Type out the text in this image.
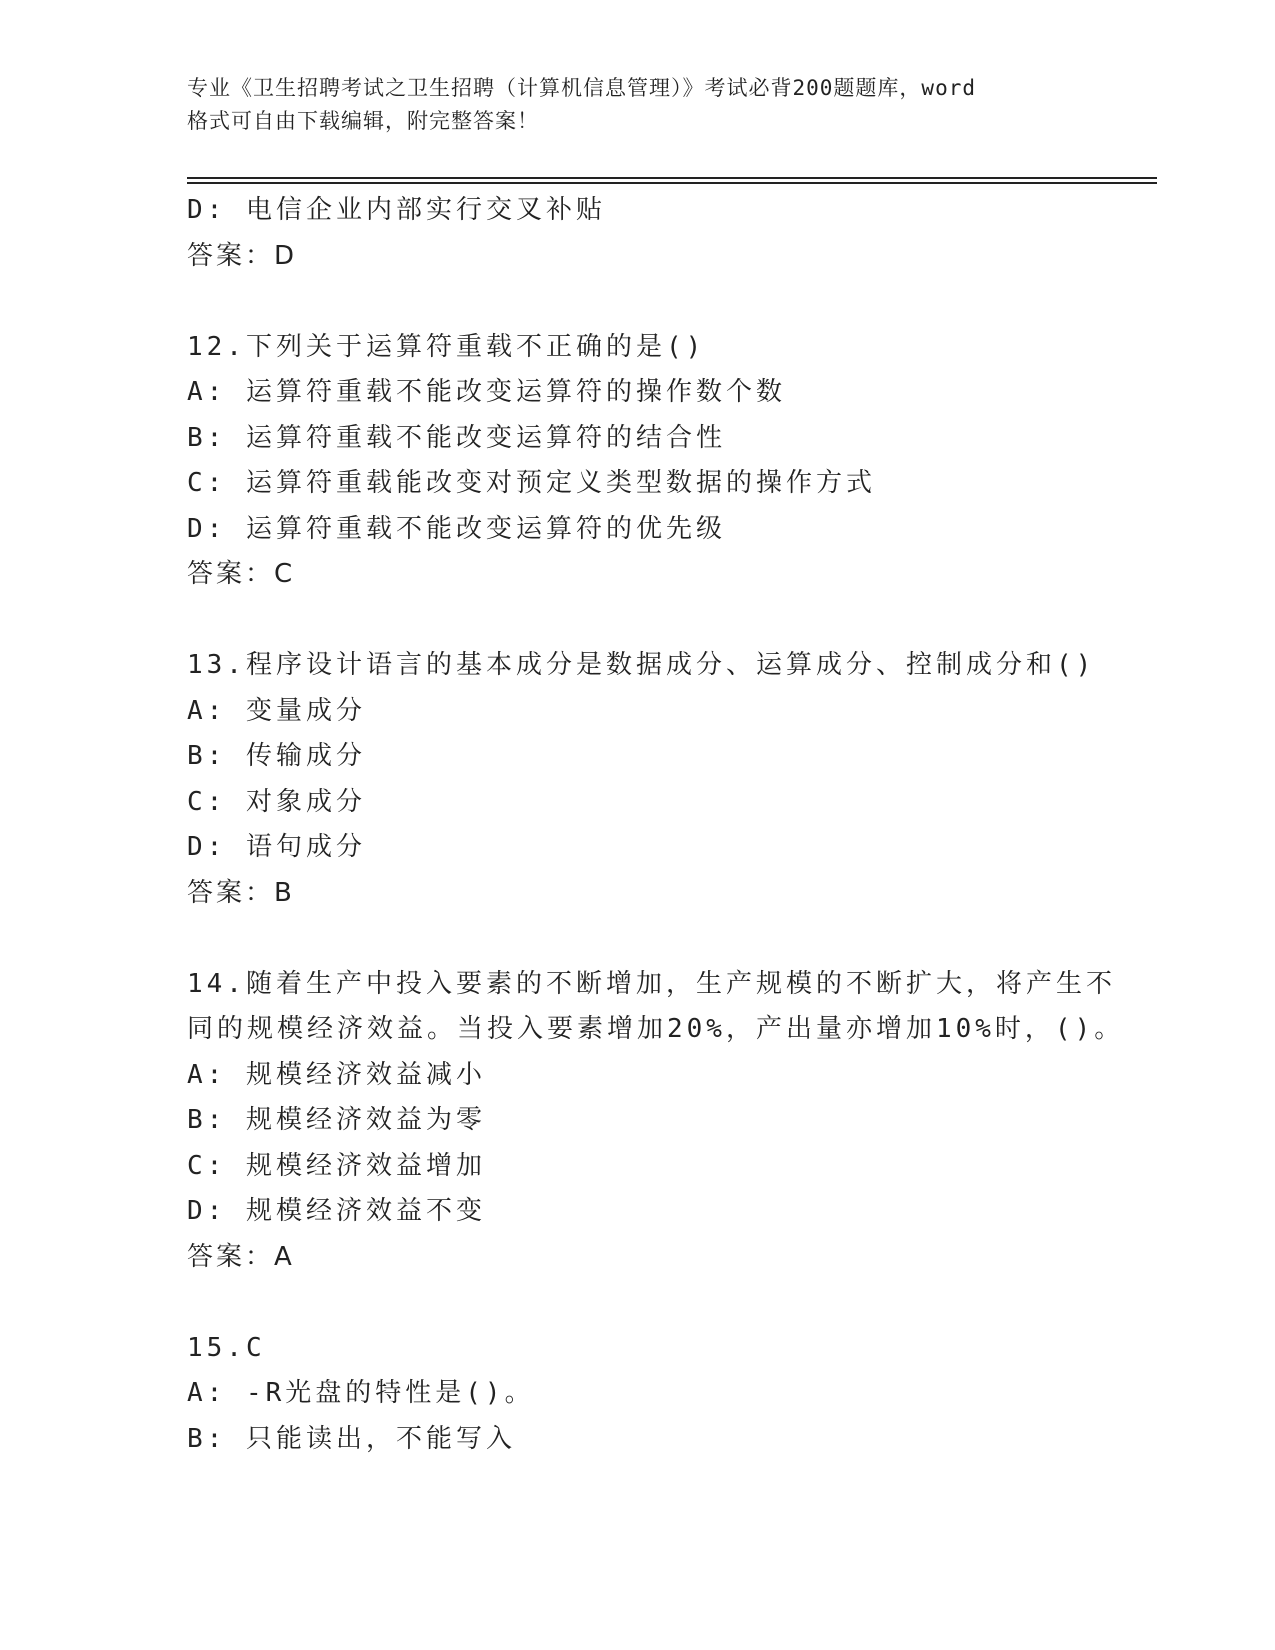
专业《卫生招聘考试之卫生招聘（计算机信息管理）》考试必背200题题库，word
格式可自由下载编辑，附完整答案！
D: 电信企业内部实行交叉补贴
答案：D
12.下列关于运算符重载不正确的是()
A: 运算符重载不能改变运算符的操作数个数
B: 运算符重载不能改变运算符的结合性
C: 运算符重载能改变对预定义类型数据的操作方式
D: 运算符重载不能改变运算符的优先级
答案：C
13.程序设计语言的基本成分是数据成分、运算成分、控制成分和()
A: 变量成分
B: 传输成分
C: 对象成分
D: 语句成分
答案：B
14.随着生产中投入要素的不断增加，生产规模的不断扩大，将产生不
同的规模经济效益。当投入要素增加20%，产出量亦增加10%时，()。
A: 规模经济效益减小
B: 规模经济效益为零
C: 规模经济效益增加
D: 规模经济效益不变
答案：A
15.C
A: -R光盘的特性是()。
B: 只能读出，不能写入
